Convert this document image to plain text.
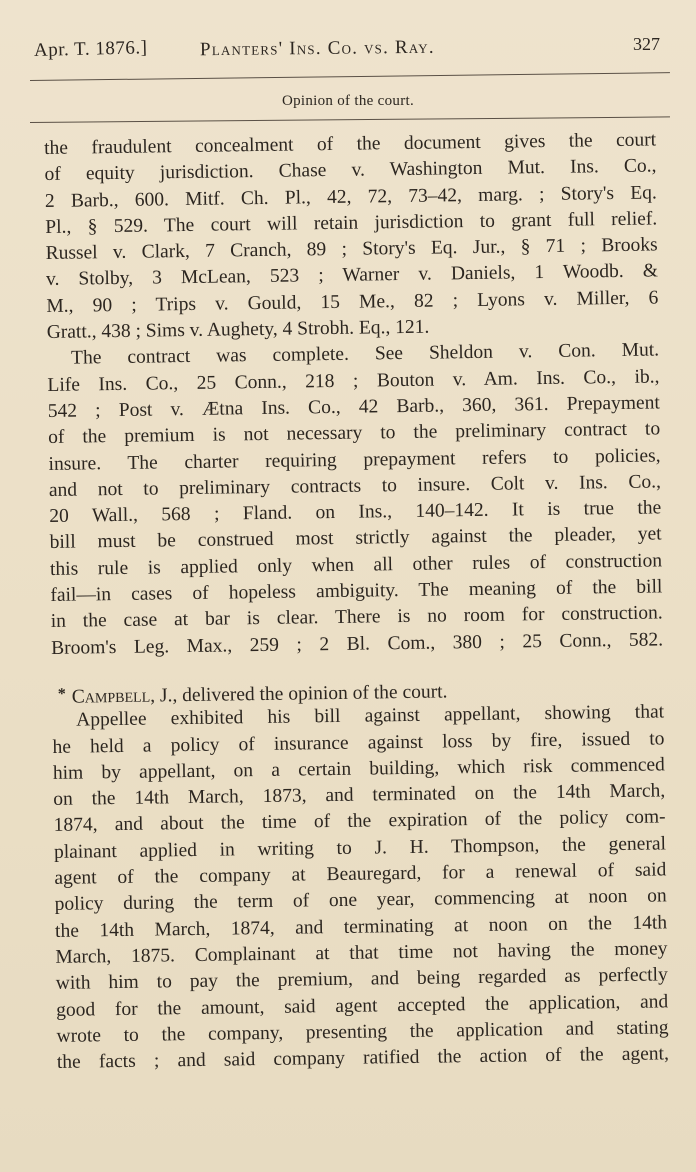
Apr. T. 1876.]	Planters' Ins. Co. vs. Ray.	327
Opinion of the court.
the fraudulent concealment of the document gives the court
of equity jurisdiction. Chase v. Washington Mut. Ins. Co.,
2 Barb., 600. Mitf. Ch. Pl., 42, 72, 73–42, marg. ; Story's Eq.
Pl., § 529. The court will retain jurisdiction to grant full relief.
Russel v. Clark, 7 Cranch, 89 ; Story's Eq. Jur., § 71 ; Brooks
v. Stolby, 3 McLean, 523 ; Warner v. Daniels, 1 Woodb. &
M., 90 ; Trips v. Gould, 15 Me., 82 ; Lyons v. Miller, 6
Gratt., 438 ; Sims v. Aughety, 4 Strobh. Eq., 121.
The contract was complete. See Sheldon v. Con. Mut.
Life Ins. Co., 25 Conn., 218 ; Bouton v. Am. Ins. Co., ib.,
542 ; Post v. Ætna Ins. Co., 42 Barb., 360, 361. Prepayment
of the premium is not necessary to the preliminary contract to
insure. The charter requiring prepayment refers to policies,
and not to preliminary contracts to insure. Colt v. Ins. Co.,
20 Wall., 568 ; Fland. on Ins., 140–142. It is true the
bill must be construed most strictly against the pleader, yet
this rule is applied only when all other rules of construction
fail—in cases of hopeless ambiguity. The meaning of the bill
in the case at bar is clear. There is no room for construction.
Broom's Leg. Max., 259 ; 2 Bl. Com., 380 ; 25 Conn., 582.
* Campbell, J., delivered the opinion of the court.
Appellee exhibited his bill against appellant, showing that
he held a policy of insurance against loss by fire, issued to
him by appellant, on a certain building, which risk commenced
on the 14th March, 1873, and terminated on the 14th March,
1874, and about the time of the expiration of the policy com-
plainant applied in writing to J. H. Thompson, the general
agent of the company at Beauregard, for a renewal of said
policy during the term of one year, commencing at noon on
the 14th March, 1874, and terminating at noon on the 14th
March, 1875. Complainant at that time not having the money
with him to pay the premium, and being regarded as perfectly
good for the amount, said agent accepted the application, and
wrote to the company, presenting the application and stating
the facts ; and said company ratified the action of the agent,
